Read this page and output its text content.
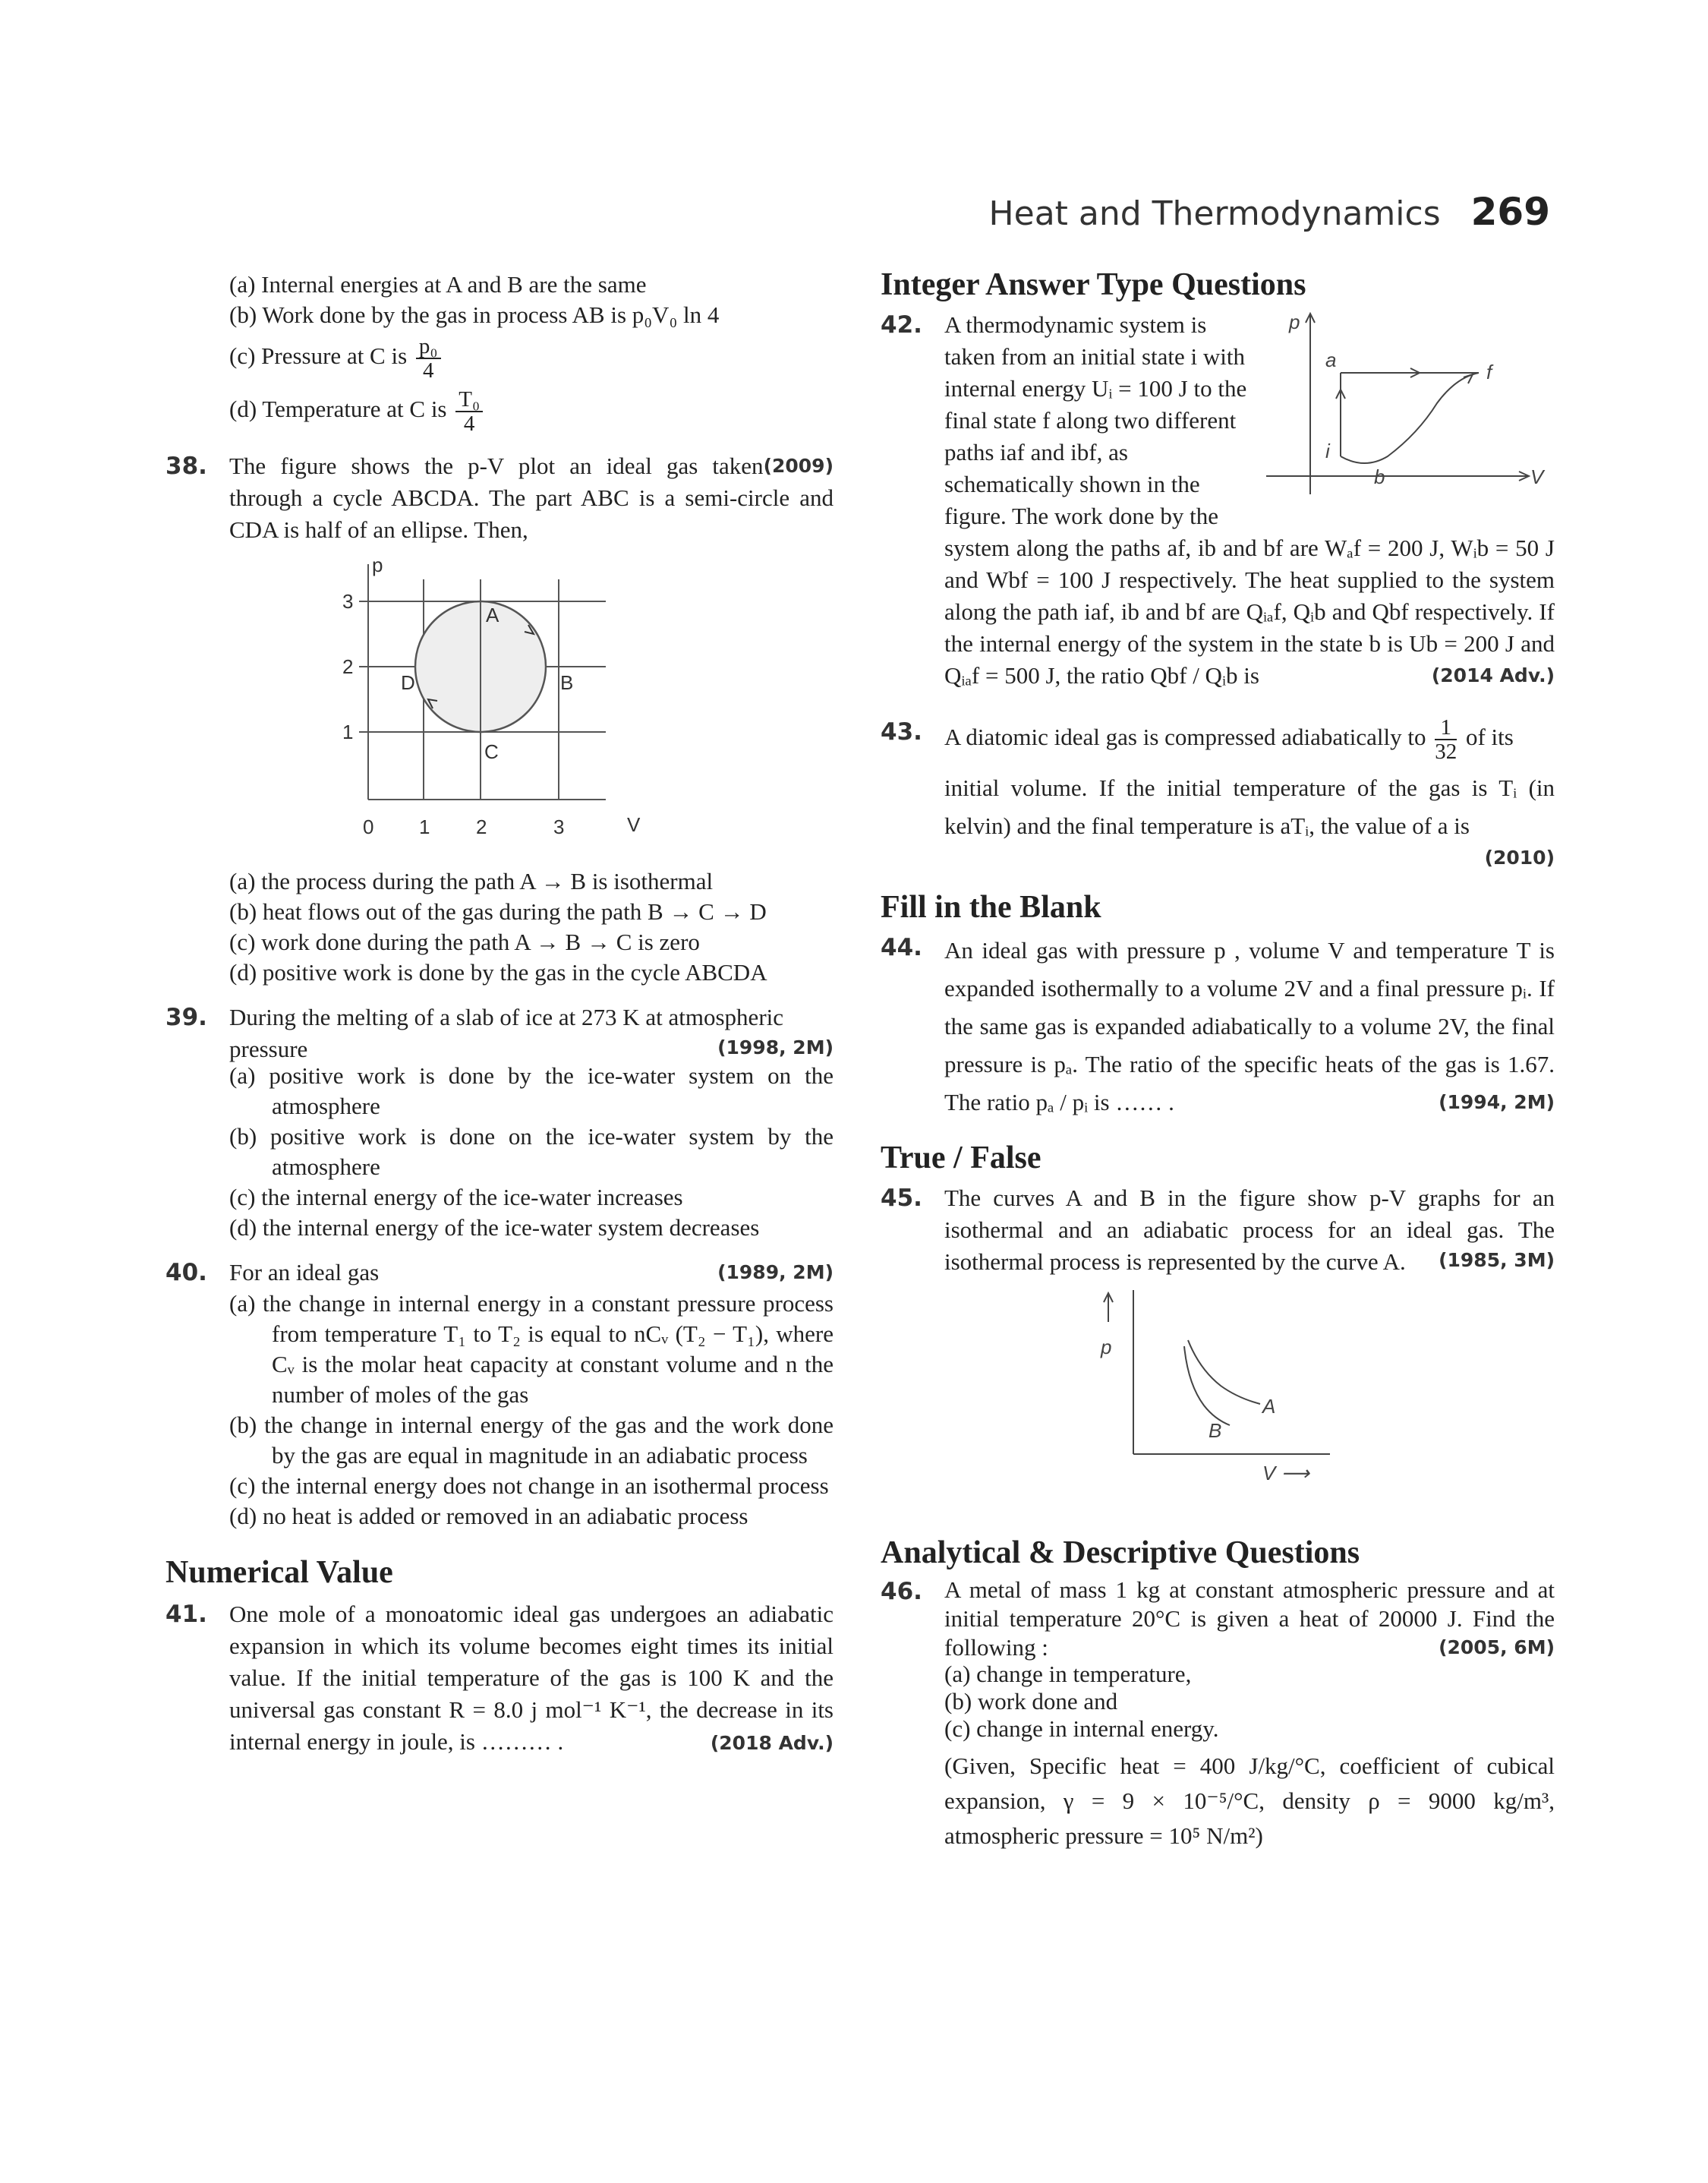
Heat and Thermodynamics 269
(a) Internal energies at A and B are the same
(b) Work done by the gas in process AB is p₀V₀ ln 4
(c) Pressure at C is $\frac{\text{p₀}}{4}$
(d) Temperature at C is $\frac{\text{T₀}}{4}$
38.	(2009)
The figure shows the p-V plot an ideal gas taken through a cycle ABCDA. The part ABC is a semi-circle and CDA is half of an ellipse. Then,
p
V
3
2
1
0 1 2	3
A
B
C
D
(a) the process during the path A → B is isothermal
(b) heat flows out of the gas during the path B → C → D
(c) work done during the path A → B → C is zero
(d) positive work is done by the gas in the cycle ABCDA
39. During the melting of a slab of ice at 273 K at atmospheric pressure	(1998, 2M)
(a) positive work is done by the ice-water system on the atmosphere
(b) positive work is done on the ice-water system by the atmosphere
(c) the internal energy of the ice-water increases
(d) the internal energy of the ice-water system decreases
40.	(1989, 2M)
For an ideal gas
(a) the change in internal energy in a constant pressure process from temperature T₁ to T₂ is equal to nCᵥ (T₂ − T₁), where Cᵥ is the molar heat capacity at constant volume and n the number of moles of the gas
(b) the change in internal energy of the gas and the work done by the gas are equal in magnitude in an adiabatic process
(c) the internal energy does not change in an isothermal process
(d) no heat is added or removed in an adiabatic process
Numerical Value
41. One mole of a monoatomic ideal gas undergoes an adiabatic expansion in which its volume becomes eight times its initial value. If the initial temperature of the gas is 100 K and the universal gas constant R = 8.0 j mol⁻¹ K⁻¹, the decrease in its internal energy in joule, is ……… .	(2018 Adv.)
Integer Answer Type Questions
42.	p
V
a
f
i
b
A thermodynamic system is taken from an initial state i with internal energy Uᵢ = 100 J to the final state f along two different paths iaf and ibf, as schematically shown in the figure. The work done by the
system along the paths af, ib and bf are Wₐf = 200 J, Wᵢb = 50 J and Wbf = 100 J respectively. The heat supplied to the system along the path iaf, ib and bf are Qᵢₐf, Qᵢb and Qbf respectively. If the internal energy of the system in the state b is Ub = 200 J and Qᵢₐf = 500 J, the ratio Qbf / Qᵢb is	(2014 Adv.)
43. A diatomic ideal gas is compressed adiabatically to $\frac{1}{32}$ of its
initial volume. If the initial temperature of the gas is Tᵢ (in kelvin) and the final temperature is aTᵢ, the value of a is
(2010)
Fill in the Blank
44. An ideal gas with pressure p , volume V and temperature T is expanded isothermally to a volume 2V and a final pressure pᵢ. If the same gas is expanded adiabatically to a volume 2V, the final pressure is pₐ. The ratio of the specific heats of the gas is 1.67. The ratio pₐ / pᵢ is …… .	(1994, 2M)
True / False
45. The curves A and B in the figure show p-V graphs for an isothermal and an adiabatic process for an ideal gas. The isothermal process is represented by the curve A.	(1985, 3M)
p
V ⟶
A
B
Analytical & Descriptive Questions
46. A metal of mass 1 kg at constant atmospheric pressure and at initial temperature 20°C is given a heat of 20000 J. Find the following :	(2005, 6M)
(a) change in temperature,
(b) work done and
(c) change in internal energy.
(Given, Specific heat = 400 J/kg/°C, coefficient of cubical expansion, γ = 9 × 10⁻⁵/°C, density ρ = 9000 kg/m³, atmospheric pressure = 10⁵ N/m²)
